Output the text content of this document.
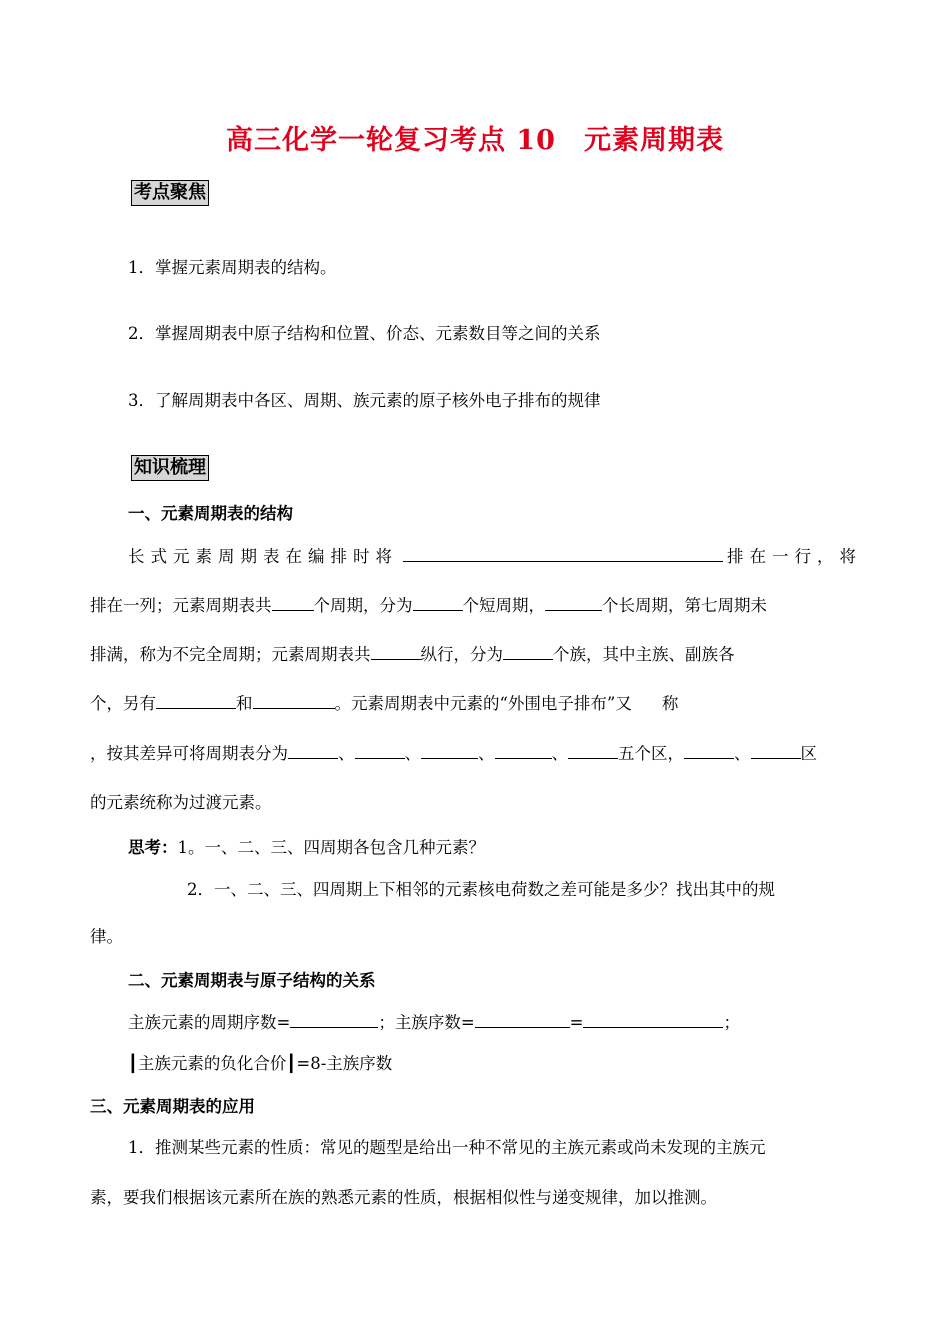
高三化学一轮复习考点 10　元素周期表
考点聚焦
1．掌握元素周期表的结构。
2．掌握周期表中原子结构和位置、价态、元素数目等之间的关系
3．了解周期表中各区、周期、族元素的原子核外电子排布的规律
知识梳理
一、元素周期表的结构
长式元素周期表在编排时将	排在一行，将
排在一列；元素周期表共	个周期，分为	个短周期，	个长周期，第七周期未
排满，称为不完全周期；元素周期表共	纵行，分为	个族，其中主族、副族各
个，另有	和	。元素周期表中元素的“外围电子排布”又 称
，按其差异可将周期表分为	、	、	、	、	五个区，	、	区
的元素统称为过渡元素。
思考：1。一、二、三、四周期各包含几种元素？
2．一、二、三、四周期上下相邻的元素核电荷数之差可能是多少？找出其中的规
律。
二、元素周期表与原子结构的关系
主族元素的周期序数=	；主族序数=	=	；
┃主族元素的负化合价┃=8-主族序数
三、元素周期表的应用
1．推测某些元素的性质：常见的题型是给出一种不常见的主族元素或尚未发现的主族元
素，要我们根据该元素所在族的熟悉元素的性质，根据相似性与递变规律，加以推测。
